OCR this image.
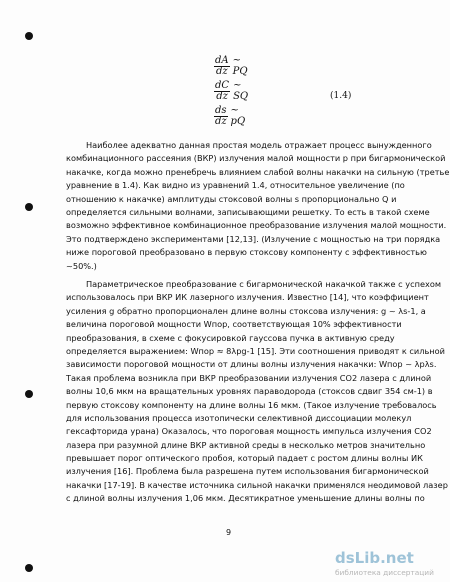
$\frac{dA}{dz}$ ~ PQ
$\frac{dC}{dz}$ ~ SQ
$\frac{ds}{dz}$ ~ pQ
(1.4)
Наиболее адекватно данная простая модель отражает процесс вынужденного
комбинационного рассеяния (ВКР) излучения малой мощности p при бигармонической
накачке, когда можно пренебречь влиянием слабой волны накачки на сильную (третье
уравнение в 1.4). Как видно из уравнений 1.4, относительное увеличение (по
отношению к накачке) амплитуды стоксовой волны s пропорционально Q и
определяется сильными волнами, записывающими решетку. То есть в такой схеме
возможно эффективное комбинационное преобразование излучения малой мощности.
Это подтверждено экспериментами [12,13]. (Излучение с мощностью на три порядка
ниже пороговой преобразовано в первую стоксову компоненту с эффективностью
~50%.)
Параметрическое преобразование с бигармонической накачкой также с успехом
использовалось при ВКР ИК лазерного излучения. Известно [14], что коэффициент
усиления g обратно пропорционален длине волны стоксова излучения: g ~ λs-1, а
величина пороговой мощности Wпор, соответствующая 10% эффективности
преобразования, в схеме с фокусировкой гауссова пучка в активную среду
определяется выражением: Wпор ≈ 8λpg-1 [15]. Эти соотношения приводят к сильной
зависимости пороговой мощности от длины волны излучения накачки: Wпор ~ λpλs.
Такая проблема возникла при ВКР преобразовании излучения CO2 лазера с длиной
волны 10,6 мкм на вращательных уровнях параводорода (стоксов сдвиг 354 см-1) в
первую стоксову компоненту на длине волны 16 мкм. (Такое излучение требовалось
для использования процесса изотопически селективной диссоциации молекул
гексафторида урана) Оказалось, что пороговая мощность импульса излучения CO2
лазера при разумной длине ВКР активной среды в несколько метров значительно
превышает порог оптического пробоя, который падает с ростом длины волны ИК
излучения [16]. Проблема была разрешена путем использования бигармонической
накачки [17-19]. В качестве источника сильной накачки применялся неодимовой лазер
с длиной волны излучения 1,06 мкм. Десятикратное уменьшение длины волны по
9
dsLib.net
библиотека диссертаций
